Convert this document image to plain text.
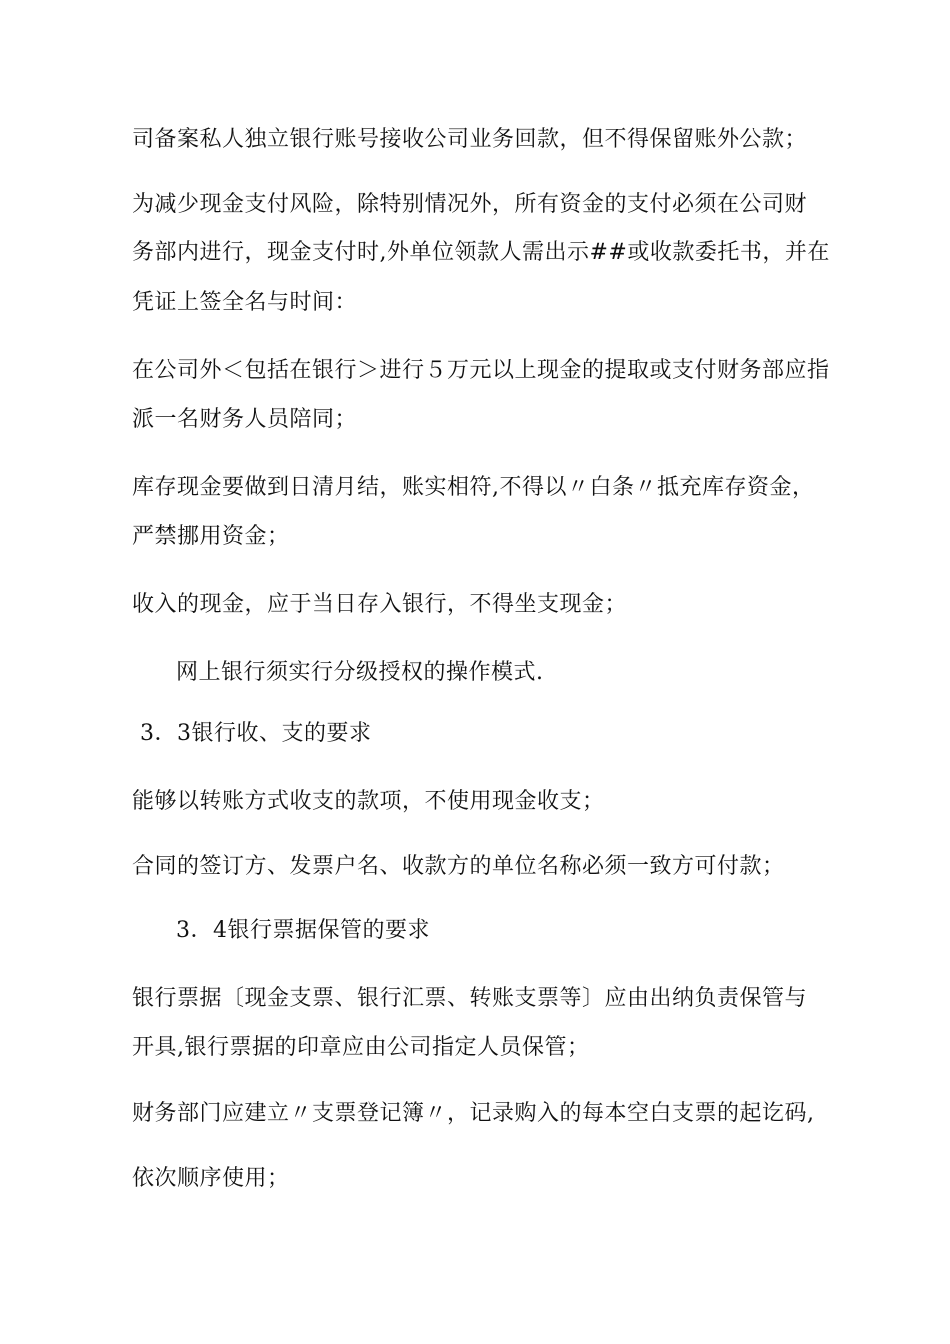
司备案私人独立银行账号接收公司业务回款，但不得保留账外公款；
为减少现金支付风险，除特别情况外，所有资金的支付必须在公司财
务部内进行，现金支付时,外单位领款人需出示##或收款委托书，并在
凭证上签全名与时间：
在公司外＜包括在银行＞进行５万元以上现金的提取或支付财务部应指
派一名财务人员陪同；
库存现金要做到日清月结，账实相符,不得以〃白条〃抵充库存资金，
严禁挪用资金；
收入的现金，应于当日存入银行，不得坐支现金；
网上银行须实行分级授权的操作模式.
3．3银行收、支的要求
能够以转账方式收支的款项，不使用现金收支；
合同的签订方、发票户名、收款方的单位名称必须一致方可付款；
3．4银行票据保管的要求
银行票据〔现金支票、银行汇票、转账支票等〕应由出纳负责保管与
开具,银行票据的印章应由公司指定人员保管；
财务部门应建立〃支票登记簿〃，记录购入的每本空白支票的起讫码,
依次顺序使用；
